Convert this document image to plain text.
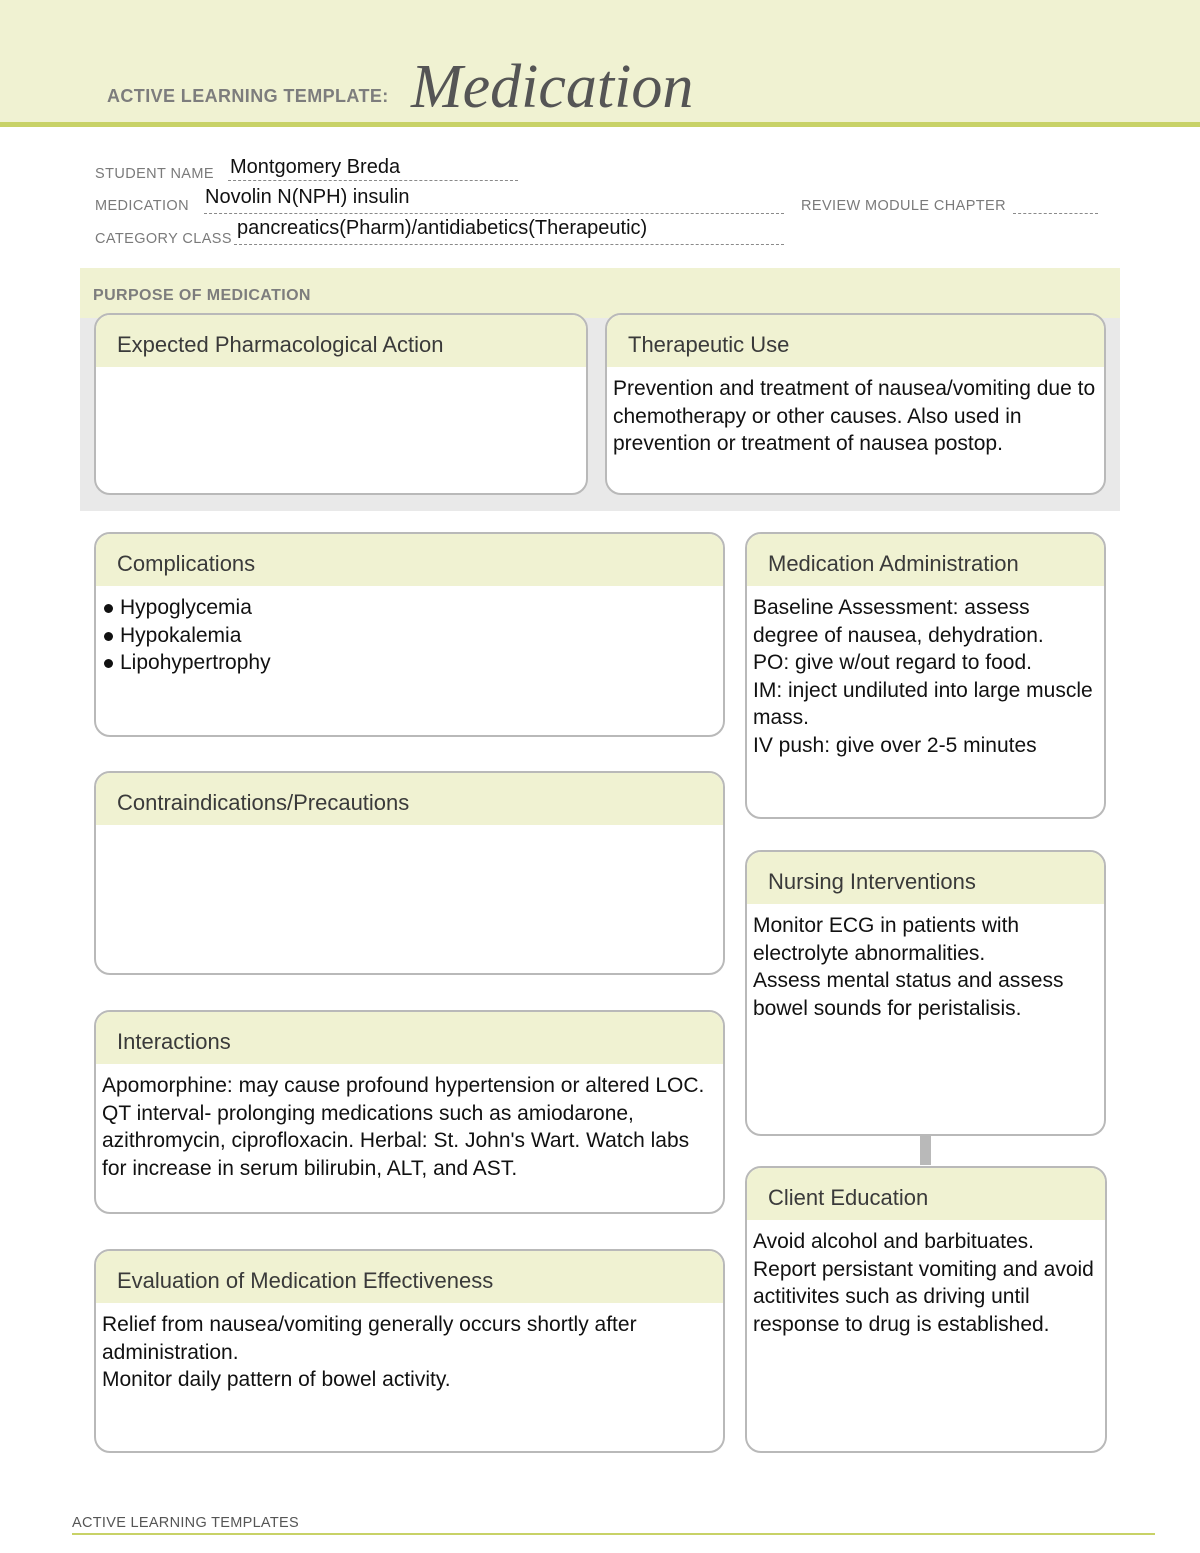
ACTIVE LEARNING TEMPLATE: Medication
STUDENT NAME Montgomery Breda
MEDICATION Novolin N(NPH) insulin	REVIEW MODULE CHAPTER
CATEGORY CLASS pancreatics(Pharm)/antidiabetics(Therapeutic)
PURPOSE OF MEDICATION
Expected Pharmacological Action	Therapeutic Use
Prevention and treatment of nausea/vomiting due to chemotherapy or other causes. Also used in prevention or treatment of nausea postop.
Complications
Hypoglycemia
Hypokalemia
Lipohypertrophy
Medication Administration
Baseline Assessment: assess degree of nausea, dehydration.
PO: give w/out regard to food.
IM: inject undiluted into large muscle mass.
IV push: give over 2-5 minutes
Contraindications/Precautions
Nursing Interventions
Monitor ECG in patients with electrolyte abnormalities.
Assess mental status and assess bowel sounds for peristalisis.
Interactions
Apomorphine: may cause profound hypertension or altered LOC. QT interval- prolonging medications such as amiodarone, azithromycin, ciprofloxacin. Herbal: St. John's Wart. Watch labs for increase in serum bilirubin, ALT, and AST.
Client Education
Avoid alcohol and barbituates. Report persistant vomiting and avoid actitivites such as driving until response to drug is established.
Evaluation of Medication Effectiveness
Relief from nausea/vomiting generally occurs shortly after administration.
Monitor daily pattern of bowel activity.
ACTIVE LEARNING TEMPLATES
